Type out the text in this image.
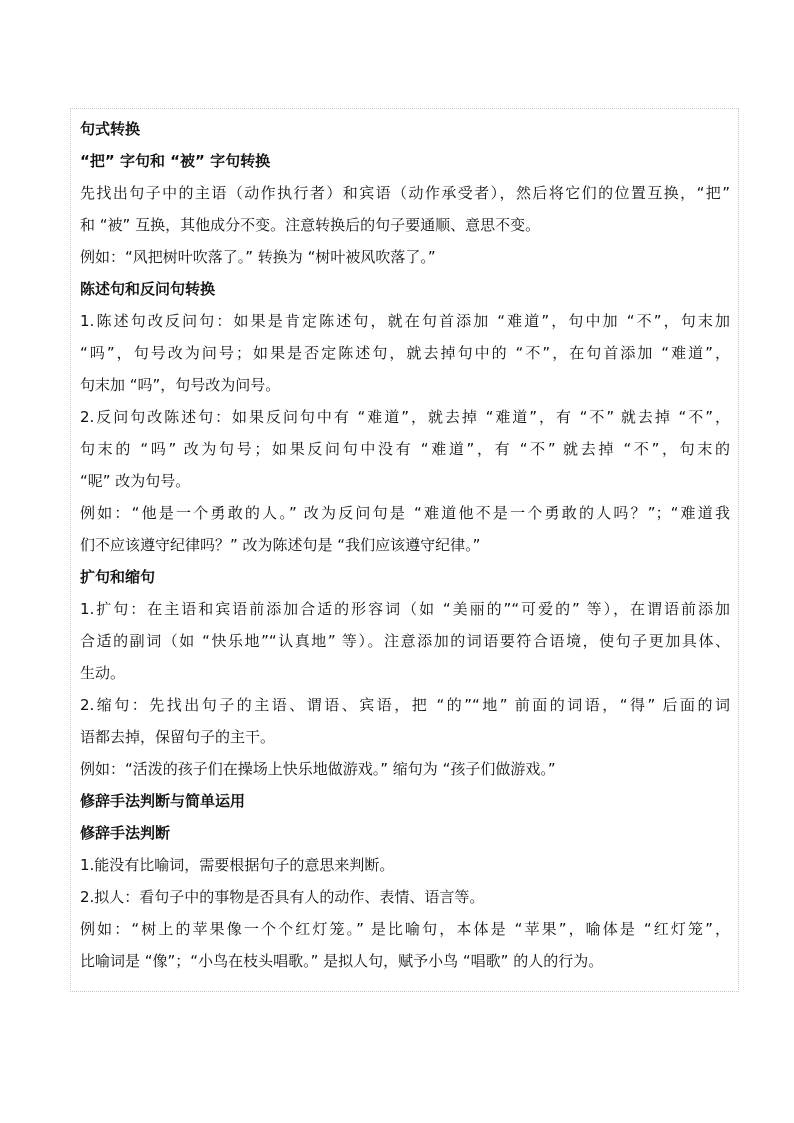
句式转换
“把” 字句和 “被” 字句转换
先找出句子中的主语（动作执行者）和宾语（动作承受者），然后将它们的位置互换，“把”
和 “被” 互换，其他成分不变。注意转换后的句子要通顺、意思不变。
例如：“风把树叶吹落了。” 转换为 “树叶被风吹落了。”
陈述句和反问句转换
1.陈述句改反问句：如果是肯定陈述句，就在句首添加 “难道”，句中加 “不”，句末加
“吗”，句号改为问号；如果是否定陈述句，就去掉句中的 “不”，在句首添加 “难道”，
句末加 “吗”，句号改为问号。
2.反问句改陈述句：如果反问句中有 “难道”，就去掉 “难道”，有 “不” 就去掉 “不”，
句末的 “吗” 改为句号；如果反问句中没有 “难道”，有 “不” 就去掉 “不”，句末的
“呢” 改为句号。
例如：“他是一个勇敢的人。” 改为反问句是 “难道他不是一个勇敢的人吗？”；“难道我
们不应该遵守纪律吗？” 改为陈述句是 “我们应该遵守纪律。”
扩句和缩句
1.扩句：在主语和宾语前添加合适的形容词（如 “美丽的”“可爱的” 等），在谓语前添加
合适的副词（如 “快乐地”“认真地” 等）。注意添加的词语要符合语境，使句子更加具体、
生动。
2.缩句：先找出句子的主语、谓语、宾语，把 “的”“地” 前面的词语，“得” 后面的词
语都去掉，保留句子的主干。
例如：“活泼的孩子们在操场上快乐地做游戏。” 缩句为 “孩子们做游戏。”
修辞手法判断与简单运用
修辞手法判断
1.能没有比喻词，需要根据句子的意思来判断。
2.拟人：看句子中的事物是否具有人的动作、表情、语言等。
例如：“树上的苹果像一个个红灯笼。” 是比喻句，本体是 “苹果”，喻体是 “红灯笼”，
比喻词是 “像”；“小鸟在枝头唱歌。” 是拟人句，赋予小鸟 “唱歌” 的人的行为。
